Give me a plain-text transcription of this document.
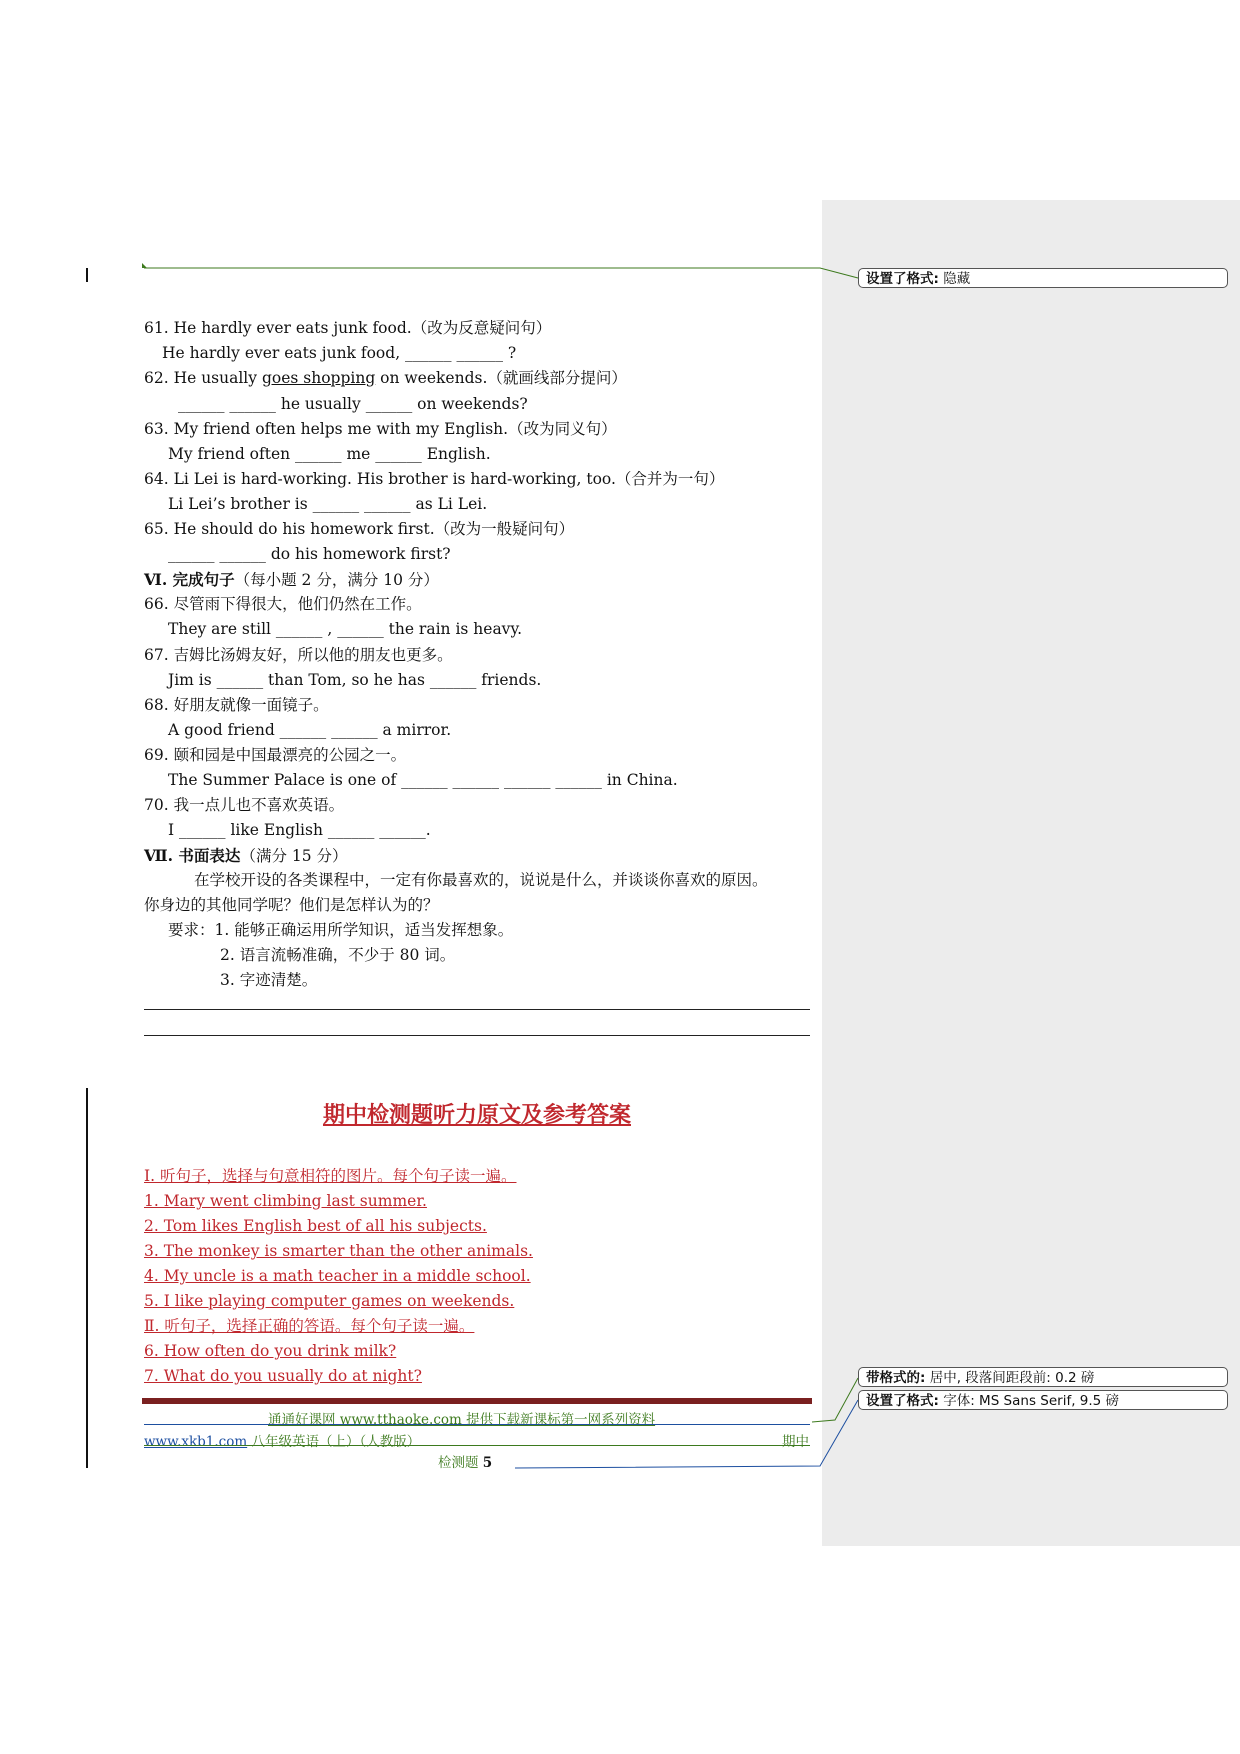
设置了格式: 隐藏
带格式的: 居中, 段落间距段前: 0.2 磅
设置了格式: 字体: MS Sans Serif, 9.5 磅
61. He hardly ever eats junk food.（改为反意疑问句）
He hardly ever eats junk food, ______ ______ ?
62. He usually goes shopping on weekends.（就画线部分提问）
______ ______ he usually ______ on weekends?
63. My friend often helps me with my English.（改为同义句）
My friend often ______ me ______ English.
64. Li Lei is hard-working. His brother is hard-working, too.（合并为一句）
Li Lei’s brother is ______ ______ as Li Lei.
65. He should do his homework first.（改为一般疑问句）
______ ______ do his homework first?
Ⅵ. 完成句子（每小题 2 分，满分 10 分）
66. 尽管雨下得很大，他们仍然在工作。
They are still ______ , ______ the rain is heavy.
67. 吉姆比汤姆友好，所以他的朋友也更多。
Jim is ______ than Tom, so he has ______ friends.
68. 好朋友就像一面镜子。
A good friend ______ ______ a mirror.
69. 颐和园是中国最漂亮的公园之一。
The Summer Palace is one of ______ ______ ______ ______ in China.
70. 我一点儿也不喜欢英语。
I ______ like English ______ ______.
Ⅶ. 书面表达（满分 15 分）
在学校开设的各类课程中，一定有你最喜欢的，说说是什么，并谈谈你喜欢的原因。
你身边的其他同学呢？他们是怎样认为的？
要求：1. 能够正确运用所学知识，适当发挥想象。
2. 语言流畅准确，不少于 80 词。
3. 字迹清楚。
期中检测题听力原文及参考答案
I. 听句子，选择与句意相符的图片。每个句子读一遍。
1. Mary went climbing last summer.
2. Tom likes English best of all his subjects.
3. The monkey is smarter than the other animals.
4. My uncle is a math teacher in a middle school.
5. I like playing computer games on weekends.
Ⅱ. 听句子，选择正确的答语。每个句子读一遍。
6. How often do you drink milk?
7. What do you usually do at night?
通通好课网 www.tthaoke.com 提供下载新课标第一网系列资料
www.xkb1.com 八年级英语（上）（人教版）	期中
检测题 5
